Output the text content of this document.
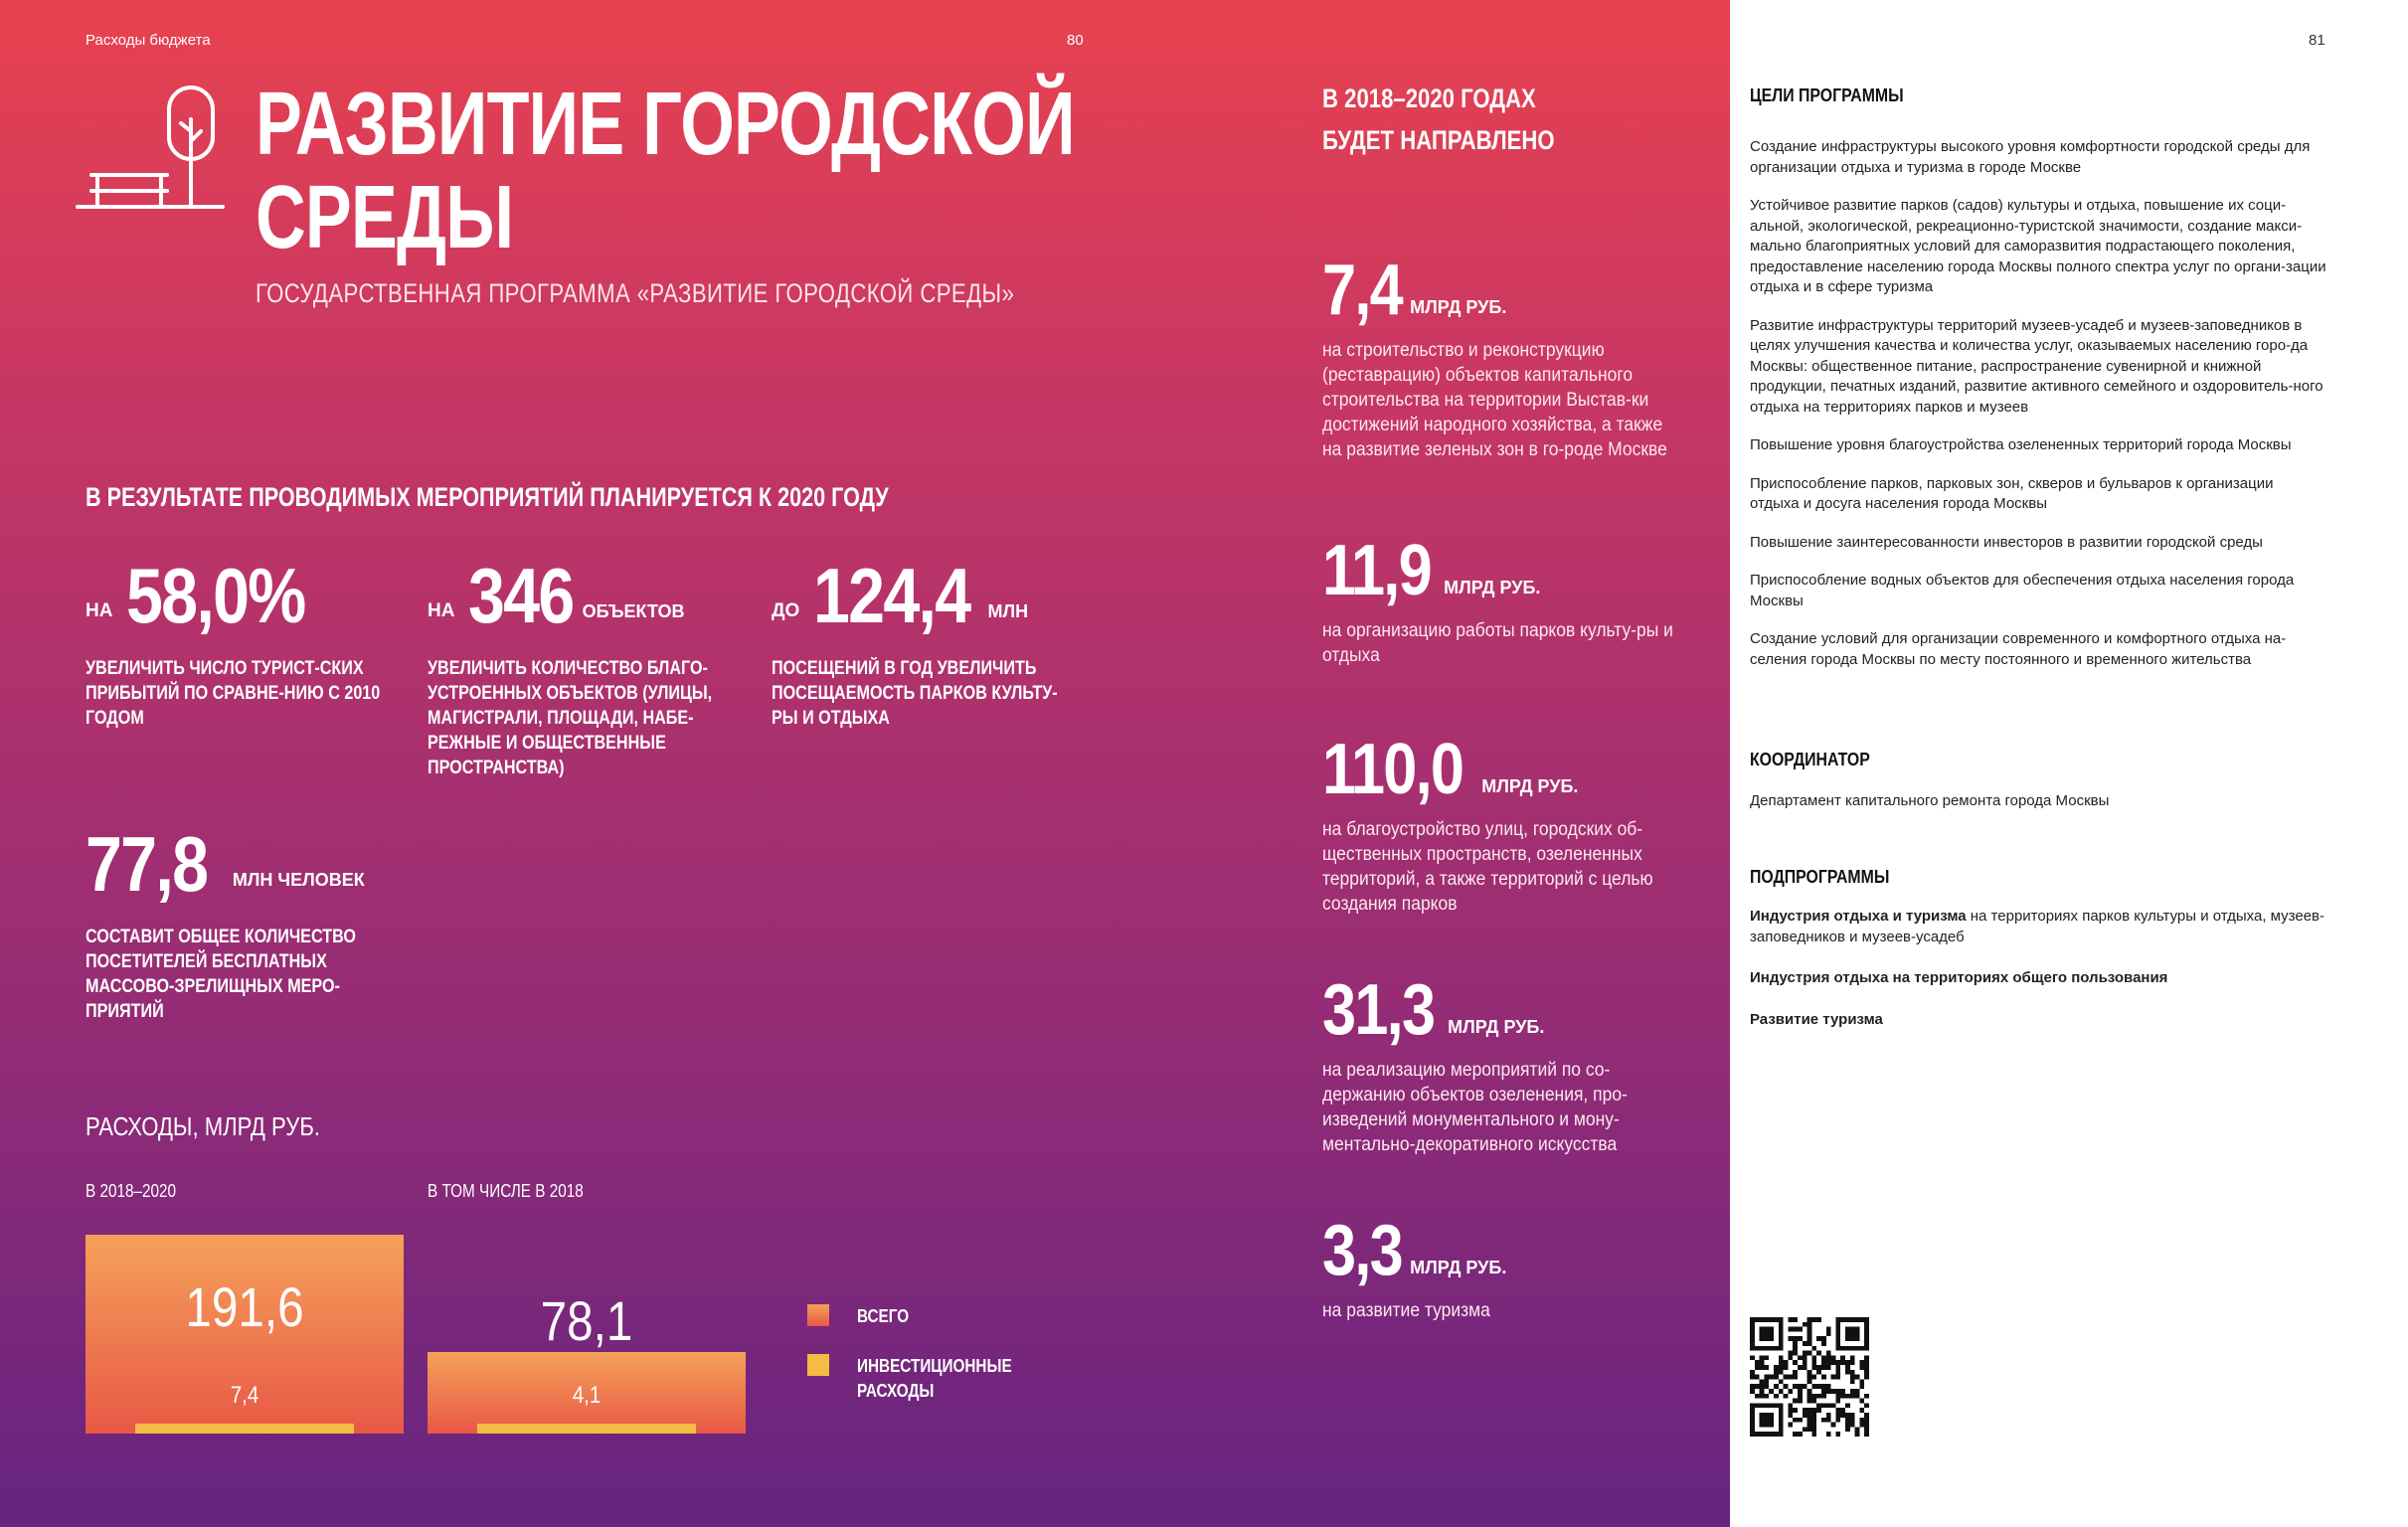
Расходы бюджета	80
РАЗВИТИЕ ГОРОДСКОЙ
СРЕДЫ
ГОСУДАРСТВЕННАЯ ПРОГРАММА «РАЗВИТИЕ ГОРОДСКОЙ СРЕДЫ»
В РЕЗУЛЬТАТЕ ПРОВОДИМЫХ МЕРОПРИЯТИЙ ПЛАНИРУЕТСЯ К 2020 ГОДУ
НА 58,0%
УВЕЛИЧИТЬ ЧИСЛО ТУРИСТ-СКИХ ПРИБЫТИЙ ПО СРАВНЕ-НИЮ С 2010 ГОДОМ
НА 346 ОБЪЕКТОВ
УВЕЛИЧИТЬ КОЛИЧЕСТВО БЛАГО-УСТРОЕННЫХ ОБЪЕКТОВ (УЛИЦЫ, МАГИСТРАЛИ, ПЛОЩАДИ, НАБЕ-РЕЖНЫЕ И ОБЩЕСТВЕННЫЕ ПРОСТРАНСТВА)
ДО 124,4 МЛН
ПОСЕЩЕНИЙ В ГОД УВЕЛИЧИТЬ ПОСЕЩАЕМОСТЬ ПАРКОВ КУЛЬТУ-РЫ И ОТДЫХА
77,8 МЛН ЧЕЛОВЕК
СОСТАВИТ ОБЩЕЕ КОЛИЧЕСТВО ПОСЕТИТЕЛЕЙ БЕСПЛАТНЫХ МАССОВО-ЗРЕЛИЩНЫХ МЕРО-ПРИЯТИЙ
РАСХОДЫ, МЛРД РУБ.
В 2018–2020	В ТОМ ЧИСЛЕ В 2018
191,6
7,4
78,1
4,1
ВСЕГО
ИНВЕСТИЦИОННЫЕ РАСХОДЫ
В 2018–2020 ГОДАХ БУДЕТ НАПРАВЛЕНО
7,4 МЛРД РУБ.
на строительство и реконструкцию (реставрацию) объектов капитального строительства на территории Выстав-ки достижений народного хозяйства, а также на развитие зеленых зон в го-роде Москве
11,9 МЛРД РУБ.
на организацию работы парков культу-ры и отдыха
110,0 МЛРД РУБ.
на благоустройство улиц, городских об-щественных пространств, озелененных территорий, а также территорий с целью создания парков
31,3 МЛРД РУБ.
на реализацию мероприятий по со-держанию объектов озеленения, про-изведений монументального и мону-ментально-декоративного искусства
3,3 МЛРД РУБ.
на развитие туризма
81
ЦЕЛИ ПРОГРАММЫ
Создание инфраструктуры высокого уровня комфортности городской среды для организации отдыха и туризма в городе Москве
Устойчивое развитие парков (садов) культуры и отдыха, повышение их соци-альной, экологической, рекреационно-туристской значимости, создание макси-мально благоприятных условий для саморазвития подрастающего поколения, предоставление населению города Москвы полного спектра услуг по органи-зации отдыха и в сфере туризма
Развитие инфраструктуры территорий музеев-усадеб и музеев-заповедников в целях улучшения качества и количества услуг, оказываемых населению горо-да Москвы: общественное питание, распространение сувенирной и книжной продукции, печатных изданий, развитие активного семейного и оздоровитель-ного отдыха на территориях парков и музеев
Повышение уровня благоустройства озелененных территорий города Москвы
Приспособление парков, парковых зон, скверов и бульваров к организации отдыха и досуга населения города Москвы
Повышение заинтересованности инвесторов в развитии городской среды
Приспособление водных объектов для обеспечения отдыха населения города Москвы
Создание условий для организации современного и комфортного отдыха на-селения города Москвы по месту постоянного и временного жительства
КООРДИНАТОР
Департамент капитального ремонта города Москвы
ПОДПРОГРАММЫ
Индустрия отдыха и туризма на территориях парков культуры и отдыха, музеев-заповедников и музеев-усадеб
Индустрия отдыха на территориях общего пользования
Развитие туризма
